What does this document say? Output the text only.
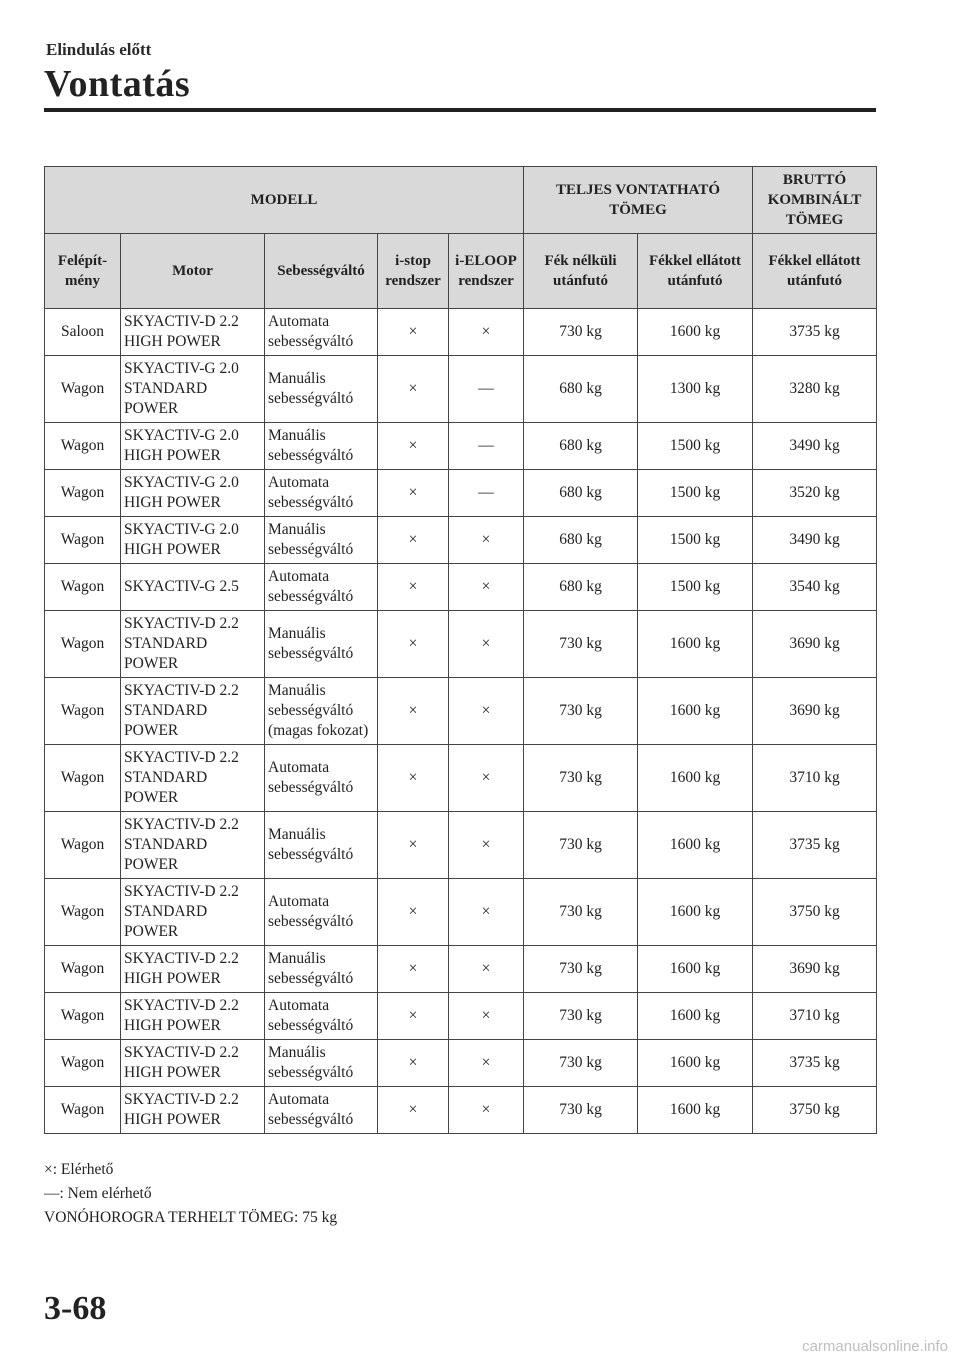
Elindulás előtt
Vontatás
MODELL					TELJES VONTATHATÓ TÖMEG		BRUTTÓ KOMBINÁLT TÖMEG
Felépít-mény	Motor	Sebességváltó	i-stop rendszer	i-ELOOP rendszer	Fék nélküli utánfutó	Fékkel ellátott utánfutó	Fékkel ellátott utánfutó
Saloon	SKYACTIV-D 2.2 HIGH POWER	Automata sebességváltó	×	×	730 kg	1600 kg	3735 kg
Wagon	SKYACTIV-G 2.0 STANDARD POWER	Manuális sebességváltó	×	—	680 kg	1300 kg	3280 kg
Wagon	SKYACTIV-G 2.0 HIGH POWER	Manuális sebességváltó	×	—	680 kg	1500 kg	3490 kg
Wagon	SKYACTIV-G 2.0 HIGH POWER	Automata sebességváltó	×	—	680 kg	1500 kg	3520 kg
Wagon	SKYACTIV-G 2.0 HIGH POWER	Manuális sebességváltó	×	×	680 kg	1500 kg	3490 kg
Wagon	SKYACTIV-G 2.5	Automata sebességváltó	×	×	680 kg	1500 kg	3540 kg
Wagon	SKYACTIV-D 2.2 STANDARD POWER	Manuális sebességváltó	×	×	730 kg	1600 kg	3690 kg
Wagon	SKYACTIV-D 2.2 STANDARD POWER	Manuális sebességváltó (magas fokozat)	×	×	730 kg	1600 kg	3690 kg
Wagon	SKYACTIV-D 2.2 STANDARD POWER	Automata sebességváltó	×	×	730 kg	1600 kg	3710 kg
Wagon	SKYACTIV-D 2.2 STANDARD POWER	Manuális sebességváltó	×	×	730 kg	1600 kg	3735 kg
Wagon	SKYACTIV-D 2.2 STANDARD POWER	Automata sebességváltó	×	×	730 kg	1600 kg	3750 kg
Wagon	SKYACTIV-D 2.2 HIGH POWER	Manuális sebességváltó	×	×	730 kg	1600 kg	3690 kg
Wagon	SKYACTIV-D 2.2 HIGH POWER	Automata sebességváltó	×	×	730 kg	1600 kg	3710 kg
Wagon	SKYACTIV-D 2.2 HIGH POWER	Manuális sebességváltó	×	×	730 kg	1600 kg	3735 kg
Wagon	SKYACTIV-D 2.2 HIGH POWER	Automata sebességváltó	×	×	730 kg	1600 kg	3750 kg
×: Elérhető
—: Nem elérhető
VONÓHOROGRA TERHELT TÖMEG: 75 kg
3-68
carmanualsonline.info
